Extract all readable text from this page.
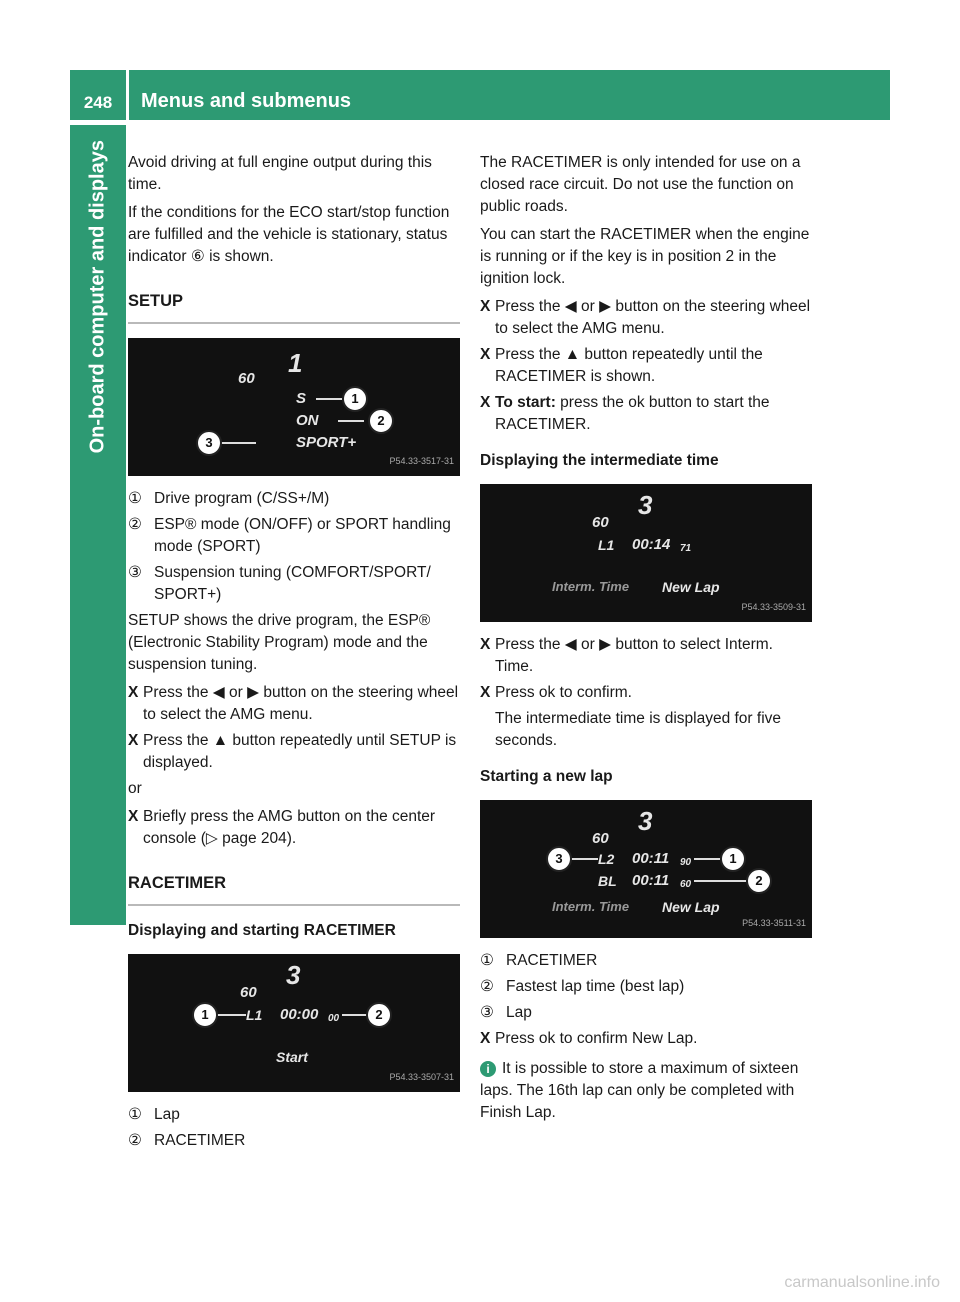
248	Menus and submenus
On-board computer and displays Avoid driving at full engine output during this time.

If the conditions for the ECO start/stop function are fulfilled and the vehicle is stationary, status indicator ⑥ is shown.

SETUP
60
1
S
ON
SPORT+
1
2
3
P54.33-3517-31
① Drive program (C/SS+/M)
② ESP® mode (ON/OFF) or SPORT handling mode (SPORT)
③ Suspension tuning (COMFORT/SPORT/ SPORT+)

SETUP shows the drive program, the ESP® (Electronic Stability Program) mode and the suspension tuning.

X Press the ◀ or ▶ button on the steering wheel to select the AMG menu.
X Press the ▲ button repeatedly until SETUP is displayed.

or

X Briefly press the AMG button on the center console (▷ page 204).
RACETIMER
Displaying and starting RACETIMER
60
3
L1 00:00 00
Start
1	2
P54.33-3507-31
① Lap
② RACETIMER

The RACETIMER is only intended for use on a closed race circuit. Do not use the function on public roads.

You can start the RACETIMER when the engine is running or if the key is in position 2 in the ignition lock.

X Press the ◀ or ▶ button on the steering wheel to select the AMG menu.
X Press the ▲ button repeatedly until the RACETIMER is shown.
X To start: press the ok button to start the RACETIMER.
Displaying the intermediate time
60
3
L1 00:14 71
Interm. Time New Lap
P54.33-3509-31
X Press the ◀ or ▶ button to select Interm. Time.
X Press ok to confirm.

The intermediate time is displayed for five seconds.

Starting a new lap
60
3
L2 00:11 90
BL 00:11 60
Interm. Time New Lap
3	1
2
P54.33-3511-31
① RACETIMER
② Fastest lap time (best lap)
③ Lap
X Press ok to confirm New Lap.

i It is possible to store a maximum of sixteen laps. The 16th lap can only be completed with Finish Lap.

carmanualsonline.info
